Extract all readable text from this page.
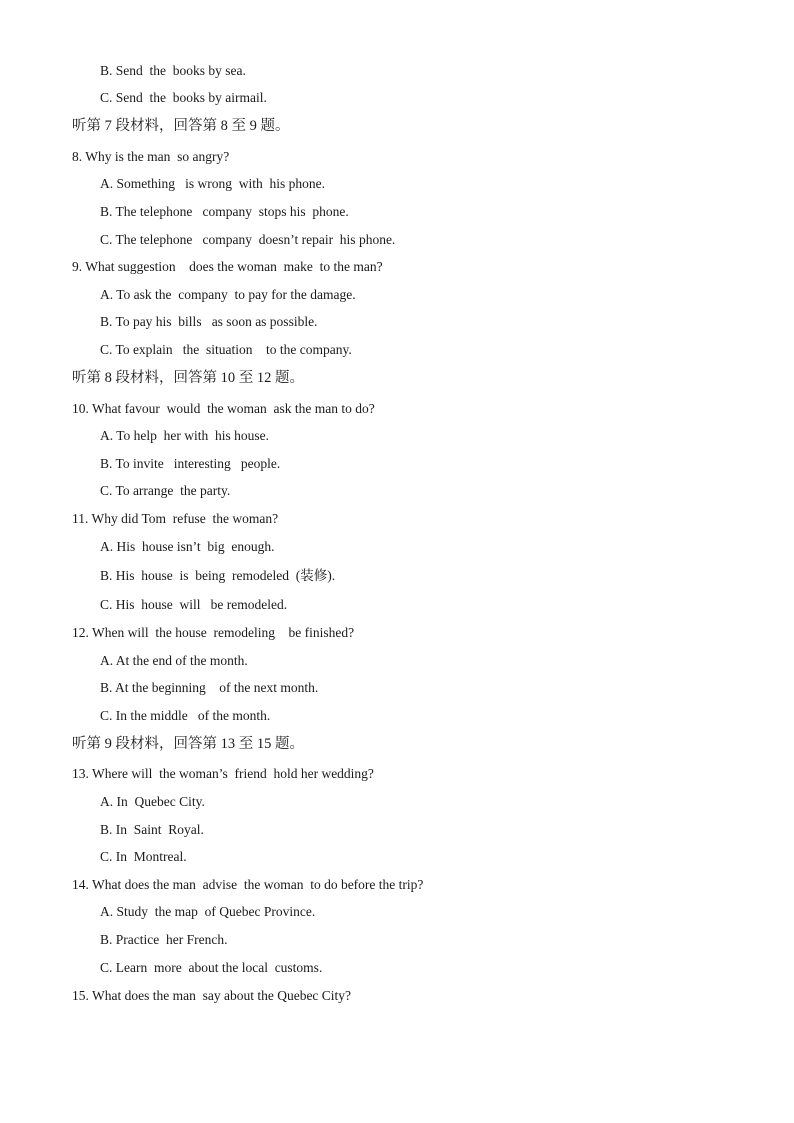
B. Send  the  books by sea.
C. Send  the  books by airmail.
听第 7 段材料，回答第 8 至 9 题。
8. Why is the man  so angry?
A. Something   is wrong  with  his phone.
B. The telephone   company  stops his  phone.
C. The telephone   company  doesn’t repair  his phone.
9. What suggestion    does the woman  make  to the man?
A. To ask the  company  to pay for the damage.
B. To pay his  bills   as soon as possible.
C. To explain   the  situation    to the company.
听第 8 段材料，回答第 10 至 12 题。
10. What favour  would  the woman  ask the man to do?
A. To help  her with  his house.
B. To invite   interesting   people.
C. To arrange  the party.
11. Why did Tom  refuse  the woman?
A. His  house isn’t  big  enough.
B. His  house  is  being  remodeled  (装修).
C. His  house  will   be remodeled.
12. When will  the house  remodeling    be finished?
A. At the end of the month.
B. At the beginning    of the next month.
C. In the middle   of the month.
听第 9 段材料，回答第 13 至 15 题。
13. Where will  the woman’s  friend  hold her wedding?
A. In  Quebec City.
B. In  Saint  Royal.
C. In  Montreal.
14. What does the man  advise  the woman  to do before the trip?
A. Study  the map  of Quebec Province.
B. Practice  her French.
C. Learn  more  about the local  customs.
15. What does the man  say about the Quebec City?
